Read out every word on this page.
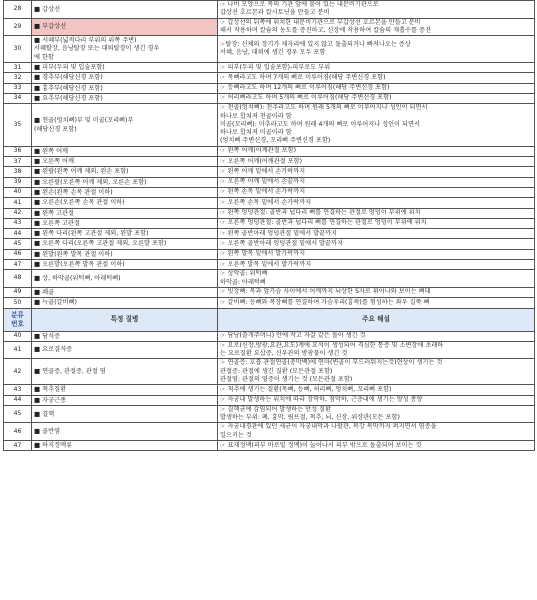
28	■ 갑상선	☞ 나비 모양으로 목의 기관 앞에 붙어 있는 내분비기관으로
갑상선 호르몬과 칼시토닌을 만들고 분비

29	■ 부갑상선	☞ 갑상선의 뒤쪽에 위치한 내분비기관으로 부갑상선 호르몬을 만들고 분비
해서 작용하며 칼슘의 농도를 증진하고, 신장에 작용하여 칼슘의 재흡수를 증진

30	■ 서혜부(넓적다리 부위의 위쪽 주변)
서혜탈장, 음낭탈장 또는 대퇴탈장이 생긴 경우
에 한함	☞탈장: 신체의 장기가 제자리에 있지 않고 돌출되거나 빠져나오는 증상
서혜, 음낭, 대퇴에 생긴 경우 모두 포함

31	■ 피부(두피 및 입술포함)	☞ 피부(두피 및 입술포함)-피부로도 부위

32	■ 경추부(해당신경 포함)	☞ 목뼈라고도 하며 7개의 뼈로 이루어짐(해당 주변신경 포함)

33	■ 흉추부(해당신경 포함)	☞ 등뼈라고도 하며 12개의 뼈로 이루어짐(해당 주변신경 포함)

34	■ 요추부(해당신경 포함)	☞ 허리뼈라고도 하며 5개의 뼈로 이루어짐(해당 주변신경 포함)

35	■ 천골(엉치뼈)부 및 미골(꼬리뼈)부
(해당신경 포함)	☞ 천골(엉치뼈): 천추라고도 하며 원래 5개의 뼈로 이루어지나 성인이 되면서
하나로 합쳐져 천골이라 함
미골(꼬리뼈): 미추라고도 하며 원래 4개의 뼈로 이루어지나 성인이 되면서
하나로 합쳐져 미골이라 함
(엉치뼈 주변신경, 꼬리뼈 주변신경 포함)

36	■ 왼쪽 어깨	☞ 왼쪽 어깨(어깨관절 포함)

37	■ 오른쪽 어깨	☞ 오른쪽 어깨(어깨관절 포함)

38	■ 왼팔(왼쪽 어깨 제외, 왼손 포함)	☞ 왼쪽 어깨 밑에서 손가락까지

39	■ 오른팔(오른쪽 어깨 제외, 오른손 포함)	☞ 오른쪽 어깨 밑에서 손끝까지

40	■ 왼손(왼쪽 손목 관절 이하)	☞ 왼쪽 손목 밑에서 손가락까지

41	■ 오른손(오른쪽 손목 관절 이하)	☞ 오른쪽 손목 밑에서 손가락까지

42	■ 왼쪽 고관절	☞ 왼쪽 엉덩관절: 골반과 넙다리 뼈를 연결하는 관절로 엉덩이 부위에 위치

43	■ 오른쪽 고관절	☞ 오른쪽 엉덩관절: 골반과 넙다리 뼈를 연결하는 관절로 엉덩이 부위에 위치

44	■ 왼쪽 다리(왼쪽 고관절 제외, 왼발 포함)	☞ 왼쪽 골반아래 엉덩관절 밑에서 발끝까지

45	■ 오른쪽 다리(오른쪽 고관절 제외, 오른발 포함)	☞ 오른쪽 골반아래 엉덩관절 밑에서 발끝까지

46	■ 왼발(왼쪽 발목 관절 이하)	☞ 왼쪽 발목 밑에서 발가락까지

47	■ 오른발(오른쪽 발목 관절 이하)	☞ 오른쪽 발목 밑에서 발가락까지

48	■ 상, 하악골(위턱뼈, 아래턱뼈)	☞ 상악골: 위턱뼈
하악골: 아래턱뼈

49	■ 쇄골	☞ 빗장뼈: 목과 앞가슴 사이에서 어깨까지 뇌상한 S자로 휘어나와 보이는 뼈대

50	■ 늑골(갈비뼈)	☞ 갈비뼈: 등뼈와 복장뼈를 연결하여 가슴우리(흉곽)를 형성하는 좌우 길쭉 뼈

분류
번호	특정 질병	주요 해설
40	■ 담석증	☞ 담낭(쓸개주머니) 안에 작고 자갈 같은 돌이 생긴 것

41	■ 요로결석증	☞ 요로(신장,방광,요관,요도)계에 요석이 생성되어 격심한 통증 및 소변장애 초래하
는 요로질환 요삽증, 신우관의 방광물이 생긴 것

42	■ 연골증, 관절증, 관절 염	☞ 연골증: 호흡 관절연골(중막백)에 연마(변골이 부드러워지는것)현상이 생기는 것
관절증: 관절에 생긴 질환 (모든관절 포함)
관절염: 관절의 염증이 생기는 것 (모든관절 포함)

43	■ 척추질환	☞ 척추에 생기는 질환(목뼈, 등뼈, 허리뼈, 엉치뼈, 꼬리뼈 포함)

44	■ 자궁근종	☞ 자궁내 발생하는 위치에 따라 장막하, 점막하, 근층내에 생기는 양성 종양

45	■ 결핵	☞ 결핵균에 감염되어 발생하는 만성 질환
발생하는 부위: 폐, 흉막, 림프절, 척추, 뇌, 신장, 위장관(모든 포함)

46	■ 골반염	☞ 자궁내경관에 있던 세균이 자궁내막과 나팔관, 복강 복막까지 퍼지면서 염증을
일으키는 것

47	■ 하지정맥류	☞ 표재정맥(피부 바로밑 정맥)이 늘어나서 피부 밖으로 돌출되어 보이는 것
